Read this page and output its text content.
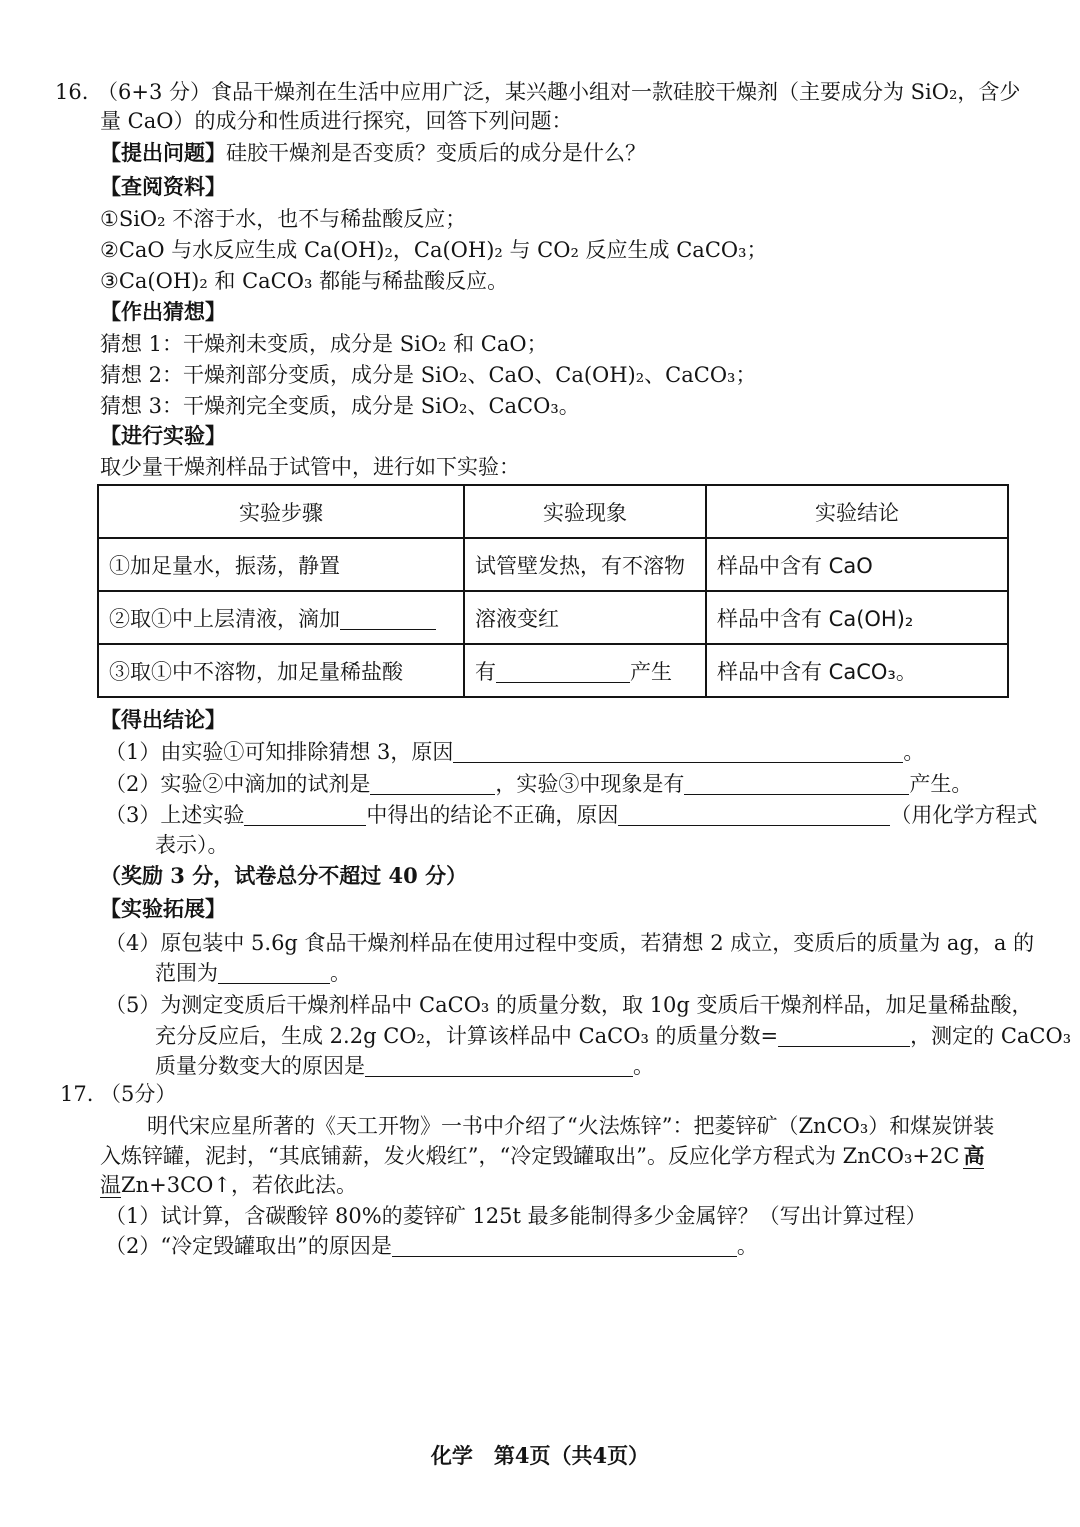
16. （6+3 分）食品干燥剂在生活中应用广泛，某兴趣小组对一款硅胶干燥剂（主要成分为 SiO₂，含少
量 CaO）的成分和性质进行探究，回答下列问题：
【提出问题】硅胶干燥剂是否变质？变质后的成分是什么？
【查阅资料】
①SiO₂ 不溶于水，也不与稀盐酸反应；
②CaO 与水反应生成 Ca(OH)₂，Ca(OH)₂ 与 CO₂ 反应生成 CaCO₃；
③Ca(OH)₂ 和 CaCO₃ 都能与稀盐酸反应。
【作出猜想】
猜想 1：干燥剂未变质，成分是 SiO₂ 和 CaO；
猜想 2：干燥剂部分变质，成分是 SiO₂、CaO、Ca(OH)₂、CaCO₃；
猜想 3：干燥剂完全变质，成分是 SiO₂、CaCO₃。
【进行实验】
取少量干燥剂样品于试管中，进行如下实验：
实验步骤	实验现象	实验结论
①加足量水，振荡，静置	试管壁发热，有不溶物	样品中含有 CaO
②取①中上层清液，滴加	溶液变红	样品中含有 Ca(OH)₂
③取①中不溶物，加足量稀盐酸	有 产生	样品中含有 CaCO₃。
【得出结论】
（1）由实验①可知排除猜想 3，原因	。
（2）实验②中滴加的试剂是	，实验③中现象是有	产生。
（3）上述实验	中得出的结论不正确，原因	（用化学方程式
表示）。
（奖励 3 分，试卷总分不超过 40 分）
【实验拓展】
（4）原包装中 5.6g 食品干燥剂样品在使用过程中变质，若猜想 2 成立，变质后的质量为 ag，a 的
范围为	。
（5）为测定变质后干燥剂样品中 CaCO₃ 的质量分数，取 10g 变质后干燥剂样品，加足量稀盐酸，
充分反应后，生成 2.2g CO₂，计算该样品中 CaCO₃ 的质量分数=	，测定的 CaCO₃
质量分数变大的原因是	。
17. （5分）
明代宋应星所著的《天工开物》一书中介绍了“火法炼锌”：把菱锌矿（ZnCO₃）和煤炭饼装
入炼锌罐，泥封，“其底铺薪，发火煅红”，“冷定毁罐取出”。反应化学方程式为 ZnCO₃+2C 高
温Zn+3CO↑，若依此法。
（1）试计算，含碳酸锌 80%的菱锌矿 125t 最多能制得多少金属锌？（写出计算过程）
（2）“冷定毁罐取出”的原因是	。
化学　第4页（共4页）
